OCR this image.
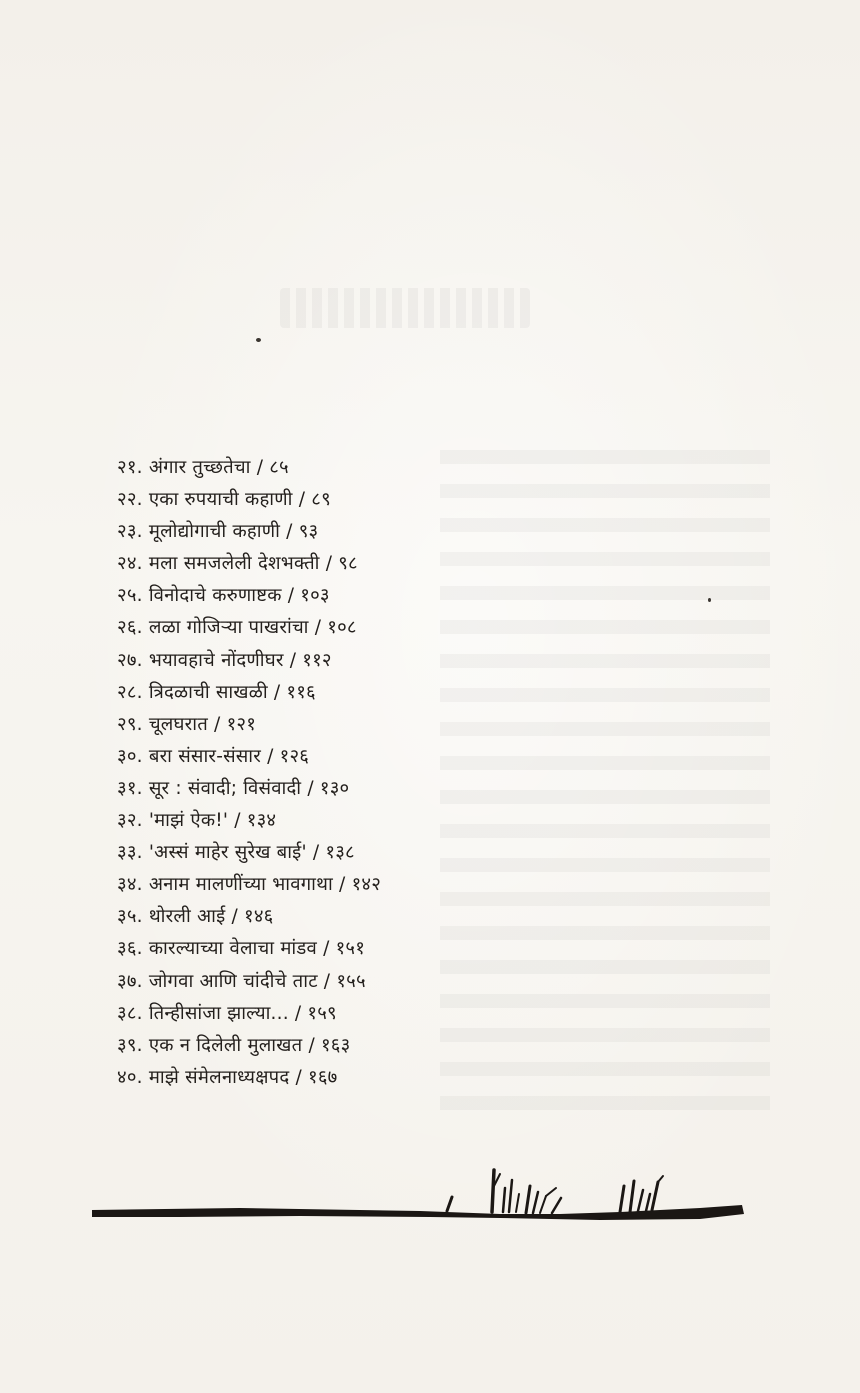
२१. अंगार तुच्छतेचा / ८५
२२. एका रुपयाची कहाणी / ८९
२३. मूलोद्योगाची कहाणी / ९३
२४. मला समजलेली देशभक्ती / ९८
२५. विनोदाचे करुणाष्टक / १०३
२६. लळा गोजिऱ्या पाखरांचा / १०८
२७. भयावहाचे नोंदणीघर / ११२
२८. त्रिदळाची साखळी / ११६
२९. चूलघरात / १२१
३०. बरा संसार-संसार / १२६
३१. सूर : संवादी; विसंवादी / १३०
३२. 'माझं ऐक!' / १३४
३३. 'अस्सं माहेर सुरेख बाई' / १३८
३४. अनाम मालणींच्या भावगाथा / १४२
३५. थोरली आई / १४६
३६. कारल्याच्या वेलाचा मांडव / १५१
३७. जोगवा आणि चांदीचे ताट / १५५
३८. तिन्हीसांजा झाल्या... / १५९
३९. एक न दिलेली मुलाखत / १६३
४०. माझे संमेलनाध्यक्षपद / १६७
